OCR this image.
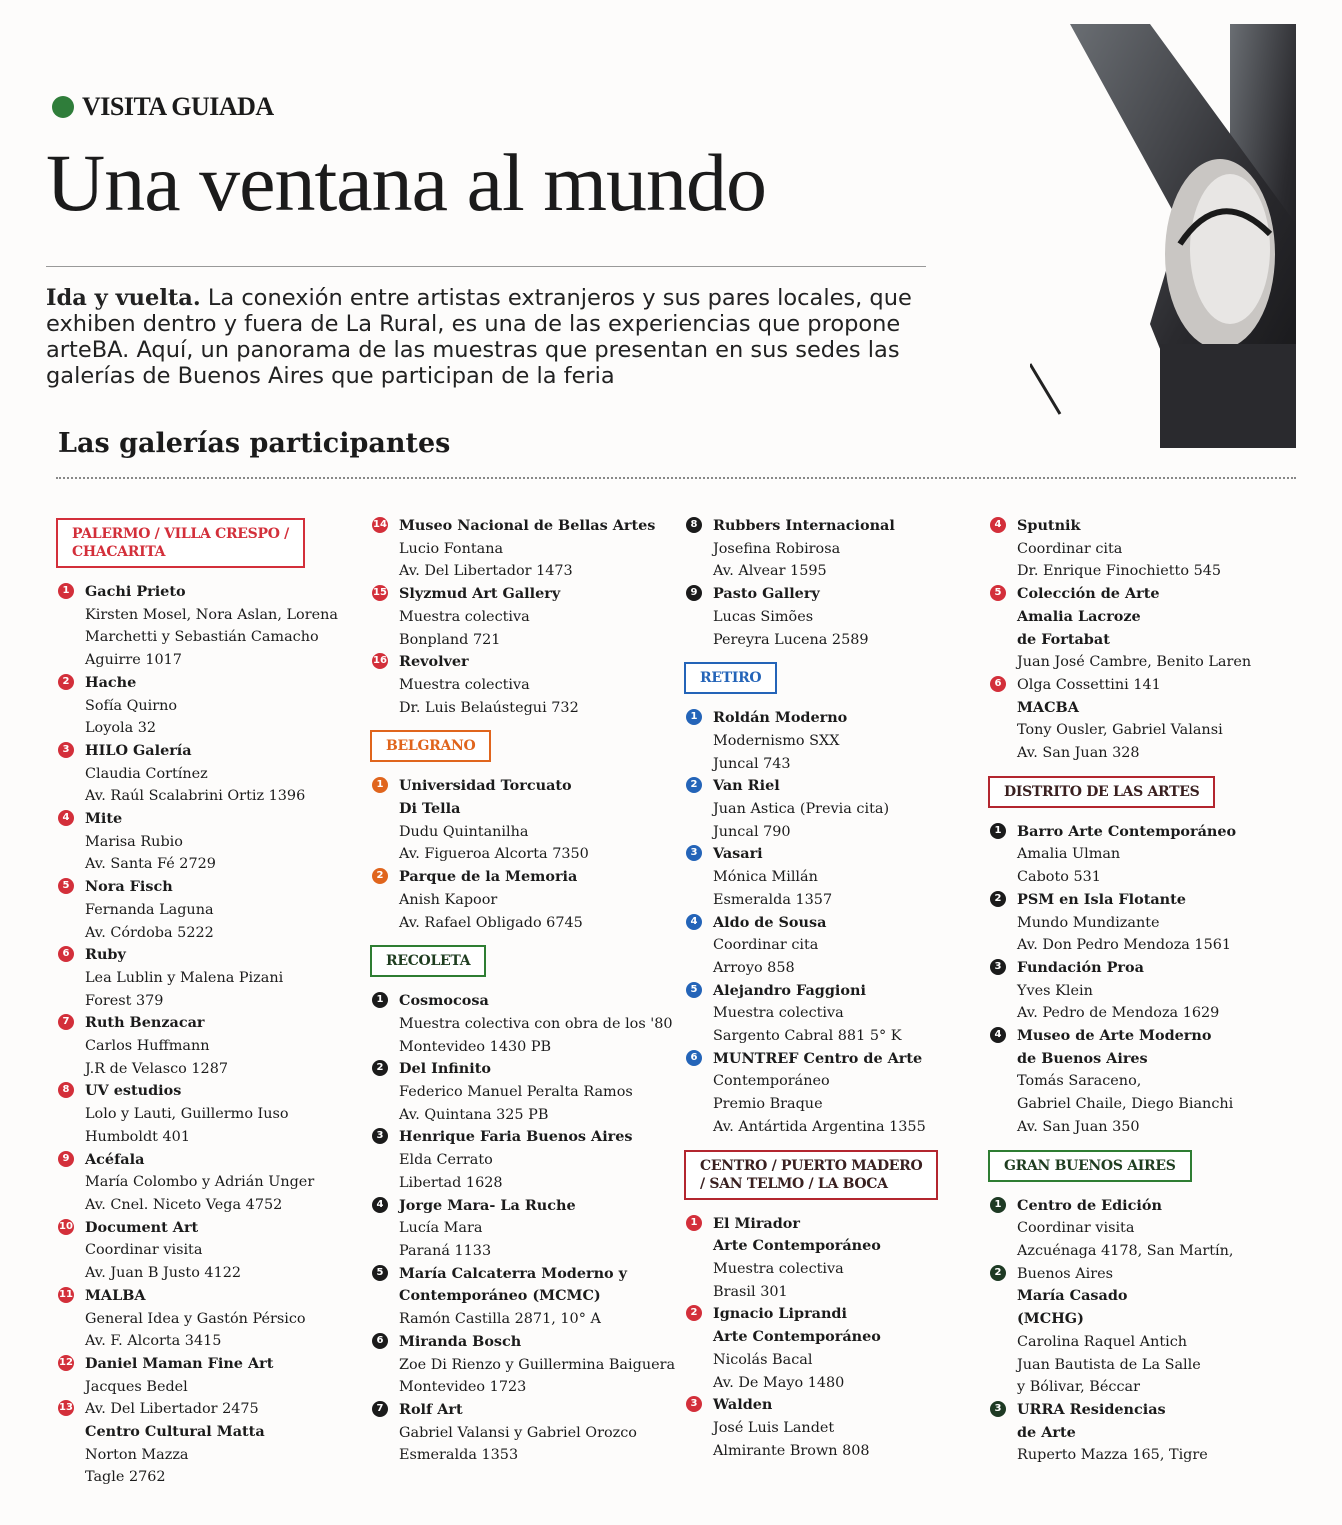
VISITA GUIADA
Una ventana al mundo

Ida y vuelta. La conexión entre artistas extranjeros y sus pares locales, que exhiben dentro y fuera de La Rural, es una de las experiencias que propone arteBA. Aquí, un panorama de las muestras que presentan en sus sedes las galerías de Buenos Aires que participan de la feria

Las galerías participantes
PALERMO / VILLA CRESPO /
CHACARITA
1	Gachi Prieto
Kirsten Mosel, Nora Aslan, Lorena
Marchetti y Sebastián Camacho
Aguirre 1017
2	Hache
Sofía Quirno
Loyola 32
3	HILO Galería
Claudia Cortínez
Av. Raúl Scalabrini Ortiz 1396
4	Mite
Marisa Rubio
Av. Santa Fé 2729
5	Nora Fisch
Fernanda Laguna
Av. Córdoba 5222
6	Ruby
Lea Lublin y Malena Pizani
Forest 379
7	Ruth Benzacar
Carlos Huffmann
J.R de Velasco 1287
8	UV estudios
Lolo y Lauti, Guillermo Iuso
Humboldt 401
9	Acéfala
María Colombo y Adrián Unger
Av. Cnel. Niceto Vega 4752
10 Document Art
Coordinar visita
Av. Juan B Justo 4122
11 MALBA
General Idea y Gastón Pérsico
Av. F. Alcorta 3415
12 Daniel Maman Fine Art
Jacques Bedel
13 Av. Del Libertador 2475
Centro Cultural Matta
Norton Mazza
Tagle 2762
14 Museo Nacional de Bellas Artes
Lucio Fontana
Av. Del Libertador 1473
15 Slyzmud Art Gallery
Muestra colectiva
Bonpland 721
16 Revolver
Muestra colectiva
Dr. Luis Belaústegui 732
BELGRANO
1	Universidad Torcuato
Di Tella
Dudu Quintanilha
Av. Figueroa Alcorta 7350
2	Parque de la Memoria
Anish Kapoor
Av. Rafael Obligado 6745
RECOLETA
1	Cosmocosa
Muestra colectiva con obra de los '80
Montevideo 1430 PB
2	Del Infinito
Federico Manuel Peralta Ramos
Av. Quintana 325 PB
3	Henrique Faria Buenos Aires
Elda Cerrato
Libertad 1628
4	Jorge Mara- La Ruche
Lucía Mara
Paraná 1133
5	María Calcaterra Moderno y
Contemporáneo (MCMC)
Ramón Castilla 2871, 10° A
6	Miranda Bosch
Zoe Di Rienzo y Guillermina Baiguera
Montevideo 1723
7	Rolf Art
Gabriel Valansi y Gabriel Orozco
Esmeralda 1353
8	Rubbers Internacional
Josefina Robirosa
Av. Alvear 1595
9	Pasto Gallery
Lucas Simões
Pereyra Lucena 2589
RETIRO
1	Roldán Moderno
Modernismo SXX
Juncal 743
2	Van Riel
Juan Astica (Previa cita)
Juncal 790
3	Vasari
Mónica Millán
Esmeralda 1357
4	Aldo de Sousa
Coordinar cita
Arroyo 858
5	Alejandro Faggioni
Muestra colectiva
Sargento Cabral 881 5° K
6	MUNTREF Centro de Arte
Contemporáneo
Premio Braque
Av. Antártida Argentina 1355
CENTRO / PUERTO MADERO
/ SAN TELMO / LA BOCA
1	El Mirador
Arte Contemporáneo
Muestra colectiva
Brasil 301
2	Ignacio Liprandi
Arte Contemporáneo
Nicolás Bacal
Av. De Mayo 1480
3	Walden
José Luis Landet
Almirante Brown 808
4	Sputnik
Coordinar cita
Dr. Enrique Finochietto 545
5	Colección de Arte
Amalia Lacroze
de Fortabat
Juan José Cambre, Benito Laren
6	Olga Cossettini 141
MACBA
Tony Ousler, Gabriel Valansi
Av. San Juan 328
DISTRITO DE LAS ARTES
1	Barro Arte Contemporáneo
Amalia Ulman
Caboto 531
2	PSM en Isla Flotante
Mundo Mundizante
Av. Don Pedro Mendoza 1561
3	Fundación Proa
Yves Klein
Av. Pedro de Mendoza 1629
4	Museo de Arte Moderno
de Buenos Aires
Tomás Saraceno,
Gabriel Chaile, Diego Bianchi
Av. San Juan 350
GRAN BUENOS AIRES
1	Centro de Edición
Coordinar visita
Azcuénaga 4178, San Martín,
2	Buenos Aires
María Casado
(MCHG)
Carolina Raquel Antich
Juan Bautista de La Salle
y Bólivar, Béccar
3	URRA Residencias
de Arte
Ruperto Mazza 165, Tigre
